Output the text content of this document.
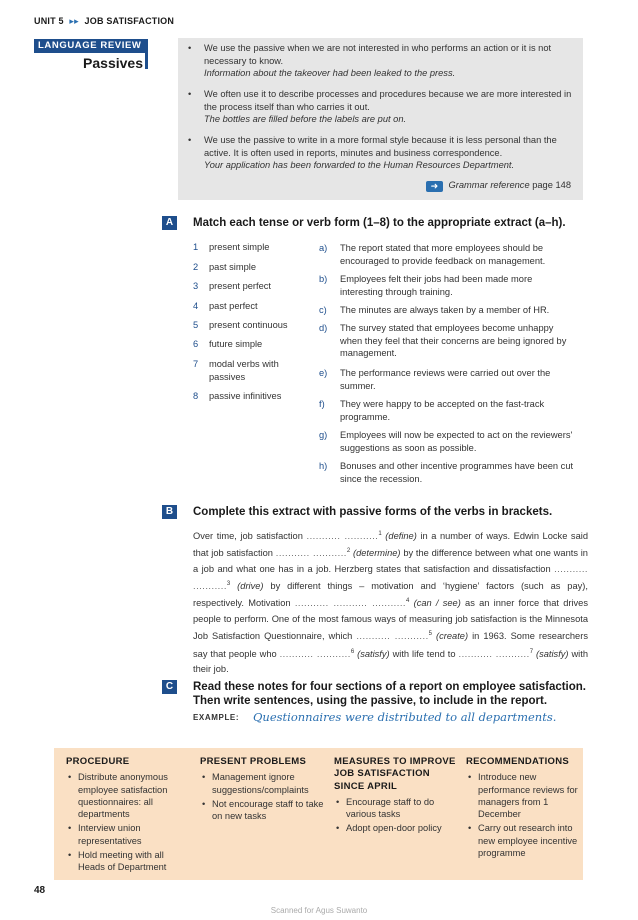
UNIT 5 ▸▸ JOB SATISFACTION
LANGUAGE REVIEW
Passives
•	We use the passive when we are not interested in who performs an action or it is not necessary to know.
Information about the takeover had been leaked to the press.
•	We often use it to describe processes and procedures because we are more interested in the process itself than who carries it out.
The bottles are filled before the labels are put on.
•	We use the passive to write in a more formal style because it is less personal than the active. It is often used in reports, minutes and business correspondence.
Your application has been forwarded to the Human Resources Department.
➜ Grammar reference page 148
A	Match each tense or verb form (1–8) to the appropriate extract (a–h).
1 present simple
2 past simple
3 present perfect
4 past perfect
5 present continuous
6 future simple
7 modal verbs with passives
8 passive infinitives
a) The report stated that more employees should be encouraged to provide feedback on management.
b) Employees felt their jobs had been made more interesting through training.
c) The minutes are always taken by a member of HR.
d) The survey stated that employees become unhappy when they feel that their concerns are being ignored by management.
e) The performance reviews were carried out over the summer.
f) They were happy to be accepted on the fast-track programme.
g) Employees will now be expected to act on the reviewers' suggestions as soon as possible.
h) Bonuses and other incentive programmes have been cut since the recession.
B	Complete this extract with passive forms of the verbs in brackets.
Over time, job satisfaction ........... ...........$^1$ (define) in a number of ways. Edwin Locke said that job satisfaction ........... ...........$^2$ (determine) by the difference between what one wants in a job and what one has in a job. Herzberg states that satisfaction and dissatisfaction ........... ...........$^3$ (drive) by different things – motivation and ‘hygiene’ factors (such as pay), respectively. Motivation ........... ........... ...........$^4$ (can / see) as an inner force that drives people to perform. One of the most famous ways of measuring job satisfaction is the Minnesota Job Satisfaction Questionnaire, which ........... ...........$^5$ (create) in 1963. Some researchers say that people who ........... ...........$^6$ (satisfy) with life tend to ........... ...........$^7$ (satisfy) with their job.
C	Read these notes for four sections of a report on employee satisfaction.
Then write sentences, using the passive, to include in the report.
EXAMPLE: Questionnaires were distributed to all departments.
PROCEDURE
• Distribute anonymous employee satisfaction questionnaires: all departments
• Interview union representatives
• Hold meeting with all Heads of Department
PRESENT PROBLEMS
• Management ignore suggestions/complaints
• Not encourage staff to take on new tasks
MEASURES TO IMPROVE JOB SATISFACTION SINCE APRIL
• Encourage staff to do various tasks
• Adopt open-door policy
RECOMMENDATIONS
• Introduce new performance reviews for managers from 1 December
• Carry out research into new employee incentive programme
48
Scanned for Agus Suwanto
